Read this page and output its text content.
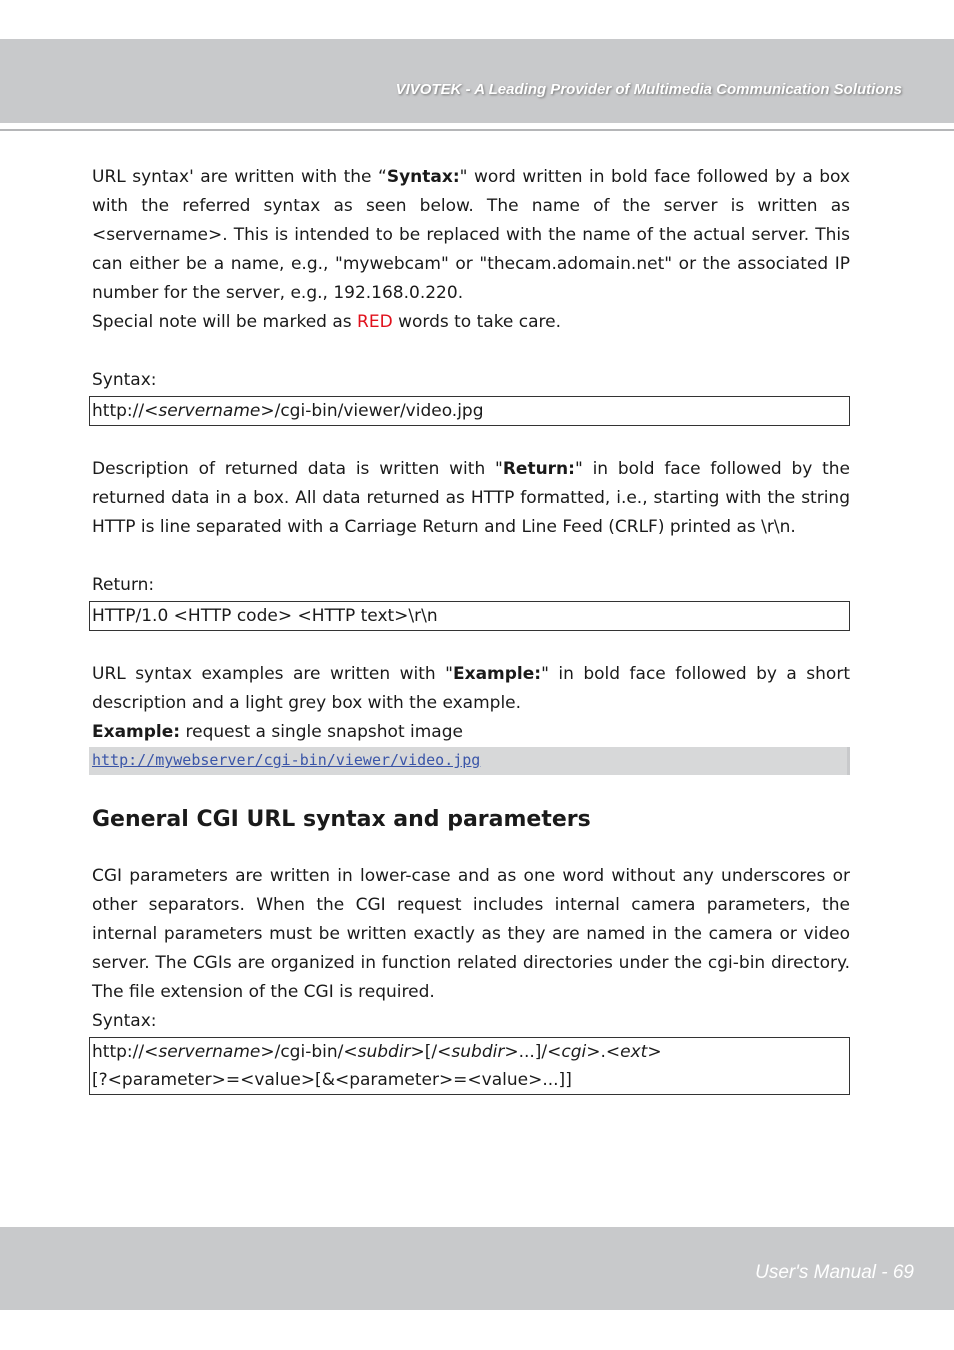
VIVOTEK - A Leading Provider of Multimedia Communication Solutions

URL syntax' are written with the “Syntax:" word written in bold face followed by a box with the referred syntax as seen below. The name of the server is written as <servername>. This is intended to be replaced with the name of the actual server. This can either be a name, e.g., "mywebcam" or "thecam.adomain.net" or the associated IP number for the server, e.g., 192.168.0.220.

Special note will be marked as RED words to take care.

Syntax:
http://<servername>/cgi-bin/viewer/video.jpg

Description of returned data is written with "Return:" in bold face followed by the returned data in a box. All data returned as HTTP formatted, i.e., starting with the string HTTP is line separated with a Carriage Return and Line Feed (CRLF) printed as \r\n.

Return:
HTTP/1.0 <HTTP code> <HTTP text>\r\n

URL syntax examples are written with "Example:" in bold face followed by a short description and a light grey box with the example.

Example: request a single snapshot image
http://mywebserver/cgi-bin/viewer/video.jpg
General CGI URL syntax and parameters

CGI parameters are written in lower-case and as one word without any underscores or other separators. When the CGI request includes internal camera parameters, the internal parameters must be written exactly as they are named in the camera or video server. The CGIs are organized in function related directories under the cgi-bin directory. The file extension of the CGI is required.

Syntax:
http://<servername>/cgi-bin/<subdir>[/<subdir>...]/<cgi>.<ext>
[?<parameter>=<value>[&<parameter>=<value>...]]
User's Manual - 69
